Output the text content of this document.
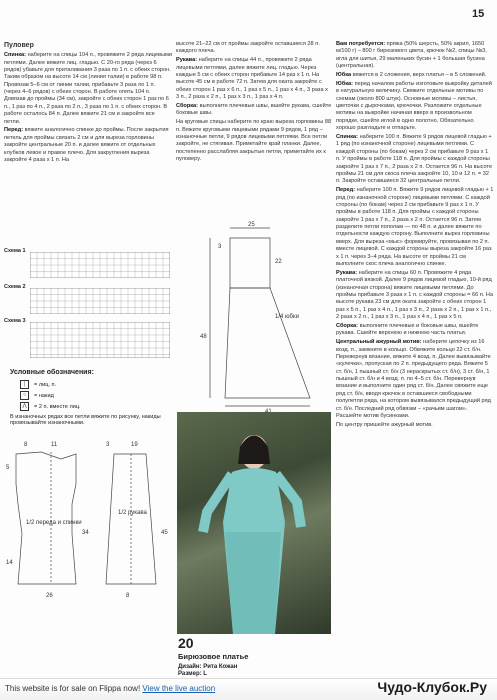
15
Пуловер

Спинка: наберите на спицы 104 п., провяжите 2 ряда лицевыми петлями. Далее вяжите лиц. гладью. С 20-го ряда (через 6 рядов) убавьте для приталивания 3 раза по 1 п. с обеих сторон. Таким образом на высоте 14 см (линия талии) в работе 98 п. Провязав 5–6 см от линии талии, прибавьте 3 раза по 1 п. (через 4–6 рядов) с обеих сторон. В работе опять 104 п. Довязав до проймы (34 см), закройте с обеих сторон 1 раз по 6 п., 1 раз по 4 п., 2 раза по 2 п., 3 раза по 1 п. с обеих сторон. В работе осталось 84 п. Далее вяжите 21 см и закройте все петли.

Перед: вяжите аналогично спинке до проймы. После закрытия петель для проймы связать 2 см и для выреза горловины закройте центральные 20 п. и далее вяжите от отдельных клубков левое и правое плечо. Для закругления выреза закройте 4 раза х 1 п. На

Схема 1
Схема 2
Схема 3
Условные обозначения:
│	= лиц. п.
○	= накид
⋀	= 2 п. вместе лиц.
В изнаночных рядах все петли вяжите по рисунку, накиды провязывайте изнаночными.
8	11	3	19
5
34	45
14
26	8
1/2 переда и спинки
1/2 рукава

высоте 21–22 см от проймы закройте оставшиеся 28 п. каждого плеча.

Рукава: наберите на спицы 44 п., провяжите 2 ряда лицевыми петлями, далее вяжите лиц. гладью. Через каждые 5 см с обеих сторон прибавьте 14 раз х 1 п. На высоте 45 см в работе 72 п. Затем для оката закройте с обеих сторон 1 раз х 6 п., 1 раз х 5 п., 1 раз х 4 п., 3 раза х 3 п., 2 раза х 2 п., 1 раз х 3 п., 1 раз х 4 п.

Сборка: выполните плечевые швы, вшейте рукава, сшейте боковые швы.

На круговые спицы наберите по краю выреза горловины 88 п. Вяжите круговыми лицевыми рядами 9 рядов, 1 ряд – изнаночные петли, 9 рядов лицевыми петлями. Все петли закройте, не стягивая. Приметайте край планки. Далее, постепенно расслабляя закрытые петли, приметайте их к пуловеру.

25
22
3
48
1/4 юбки
20
Бирюзовое платье
Дизайн: Рита Кожан
Размер: L

Вам потребуется: пряжа (50% шерсть, 50% акрил, 1650 м/100 г) – 800 г бирюзового цвета, крючок №2, спицы №3, игла для шитья, 29 маленьких бусин + 1 большая бусина (центральная).

Юбка вяжется в 2 сложения, верх платья – в 5 сложений.

Юбка: перед началом работы изготовьте выкройку деталей в натуральную величину. Свяжите отдельные мотивы по схемам (около 800 штук). Основные мотивы – листья, цветочки с дырочками, крючочки. Разложите отдельные мотивы на выкройке начиная вверх в произвольном порядке, сшейте иглой в одно полотно. Обязательно хорошо разгладьте и отпарьте.

Спинка: наберите 100 п. Вяжите 9 рядов лицевой гладью + 1 ряд (по изнаночной стороне) лицевыми петлями. С каждой стороны (по бокам) через 2 см прибавьте 9 раз х 1 п. У проймы в работе 118 п. Для проймы с каждой стороны закройте 1 раз х 7 п., 2 раза х 2 п. Остается 96 п. На высоте проймы 21 см для скоса плеча закройте 10, 10 и 12 п. = 32 п. Закройте оставшиеся 32 центральные петли.

Перед: наберите 100 п. Вяжите 9 рядов лицевой гладью + 1 ряд (по изнаночной стороне) лицевыми петлями. С каждой стороны (по бокам) через 2 см прибавьте 9 раз х 1 п. У проймы в работе 118 п. Для проймы с каждой стороны закройте 1 раз х 7 п., 2 раза х 2 п. Остается 96 п. Затем разделите петли пополам — по 48 п. и далее вяжите по отдельности каждую сторону. Выполните вырез горловины вверх. Для выреза «мыс» формируйте, провязывая по 2 п. вместе лицевой. С каждой стороны выреза закройте 16 раз х 1 п. через 3–4 ряда. На высоте от проймы 21 см выполните скос плеча аналогично спинке.

Рукава: наберите на спицы 60 п. Провяжите 4 ряда платочной вязкой. Далее 9 рядов лицевой гладью, 10-й ряд (изнаночная сторона) вяжите лицевыми петлями. До проймы прибавьте 3 раза х 1 п. с каждой стороны = 66 п. На высоте рукава 23 см для оката закройте с обеих сторон 1 раз х 5 п., 1 раз х 4 п., 1 раз х 3 п., 2 раза х 2 п., 1 раз х 1 п., 2 раза х 2 п., 1 раз х 3 п., 1 раз х 4 п., 1 раз х 5 п.

Сборка: выполните плечевые и боковые швы, вшейте рукава. Сшейте верхнюю и нижнюю часть платья.

Центральный ажурный мотив: наберите цепочку из 16 возд. п., замкните в кольцо. Обвяжите кольцо 22 ст. б/н. Перевернув вязание, вяжите 4 возд. п. Далее вывязывайте «кулечки», пропуская по 2 п. предыдущего ряда. Вяжите 5 ст. б/н, 1 пышный ст. б/н (3 нераскрытых ст. б/н), 3 ст. б/н, 1 пышный ст. б/н и 4 возд. п. по 4–5 ст. б/н. Перевернув вязание и выполните один ряд ст. б/н. Далее свяжите еще ряд ст. б/н, вводя крючок в оставшиеся свободными полупетли ряда, на котором вывязывался предыдущий ряд ст. б/н. Последний ряд обвязки – «рачьим шагом». Расшейте мотив бусинками.

По центру пришейте ажурный мотив.

This website is for sale on Flippa now! View the live auction	Чудо-Клубок.Ру
